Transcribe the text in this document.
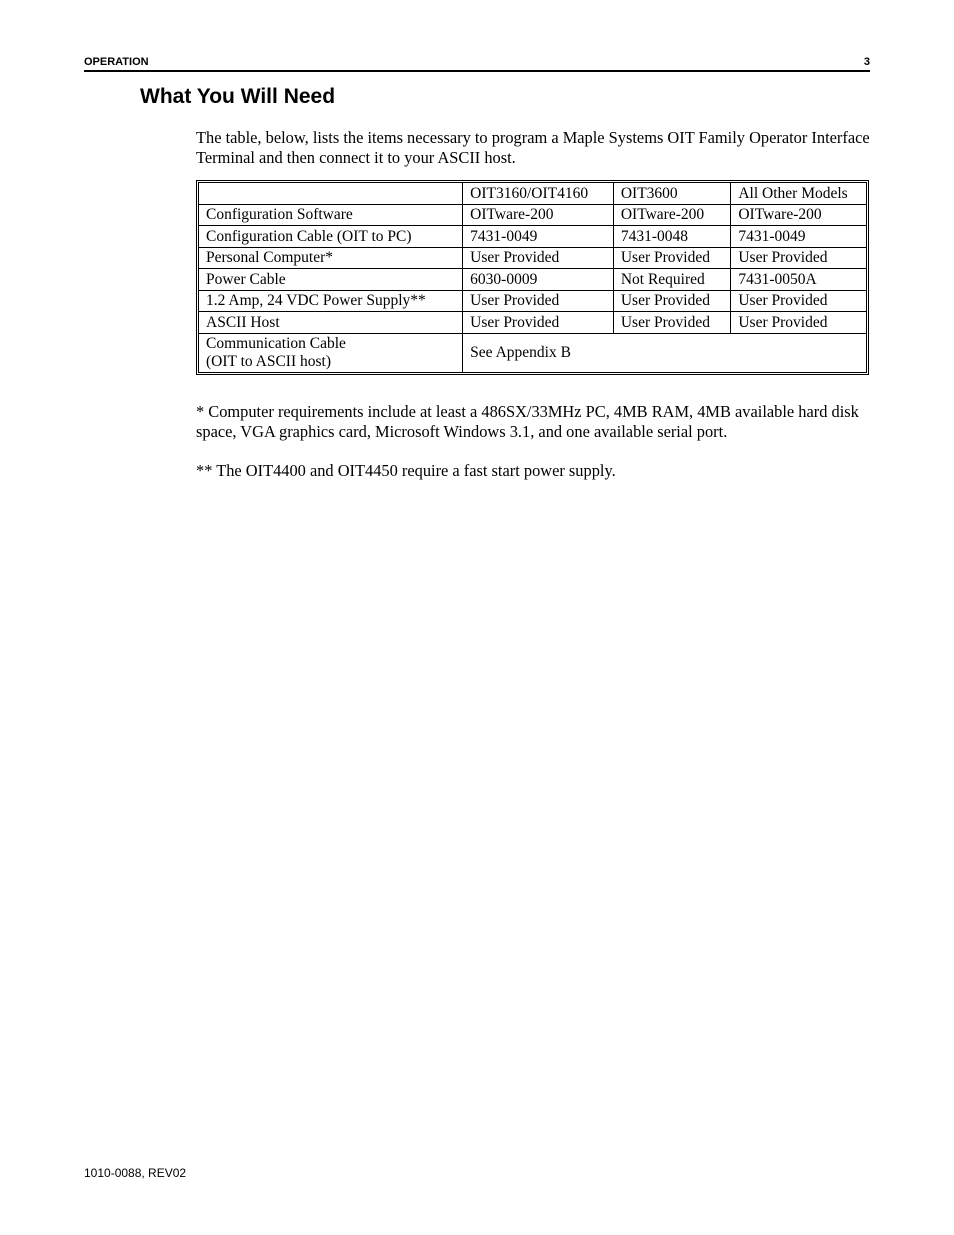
OPERATION	3
What You Will Need

The table, below, lists the items necessary to program a Maple Systems OIT Family Operator Interface Terminal and then connect it to your ASCII host.

	OIT3160/OIT4160	OIT3600	All Other Models
Configuration Software	OITware-200	OITware-200	OITware-200
Configuration Cable (OIT to PC)	7431-0049	7431-0048	7431-0049
Personal Computer*	User Provided	User Provided	User Provided
Power Cable	6030-0009	Not Required	7431-0050A
1.2 Amp, 24 VDC Power Supply**	User Provided	User Provided	User Provided
ASCII Host	User Provided	User Provided	User Provided

Communication Cable
(OIT to ASCII host)	See Appendix B		

* Computer requirements include at least a 486SX/33MHz PC, 4MB RAM, 4MB available hard disk space, VGA graphics card, Microsoft Windows 3.1, and one available serial port.

** The OIT4400 and OIT4450 require a fast start power supply.

1010-0088, REV02
